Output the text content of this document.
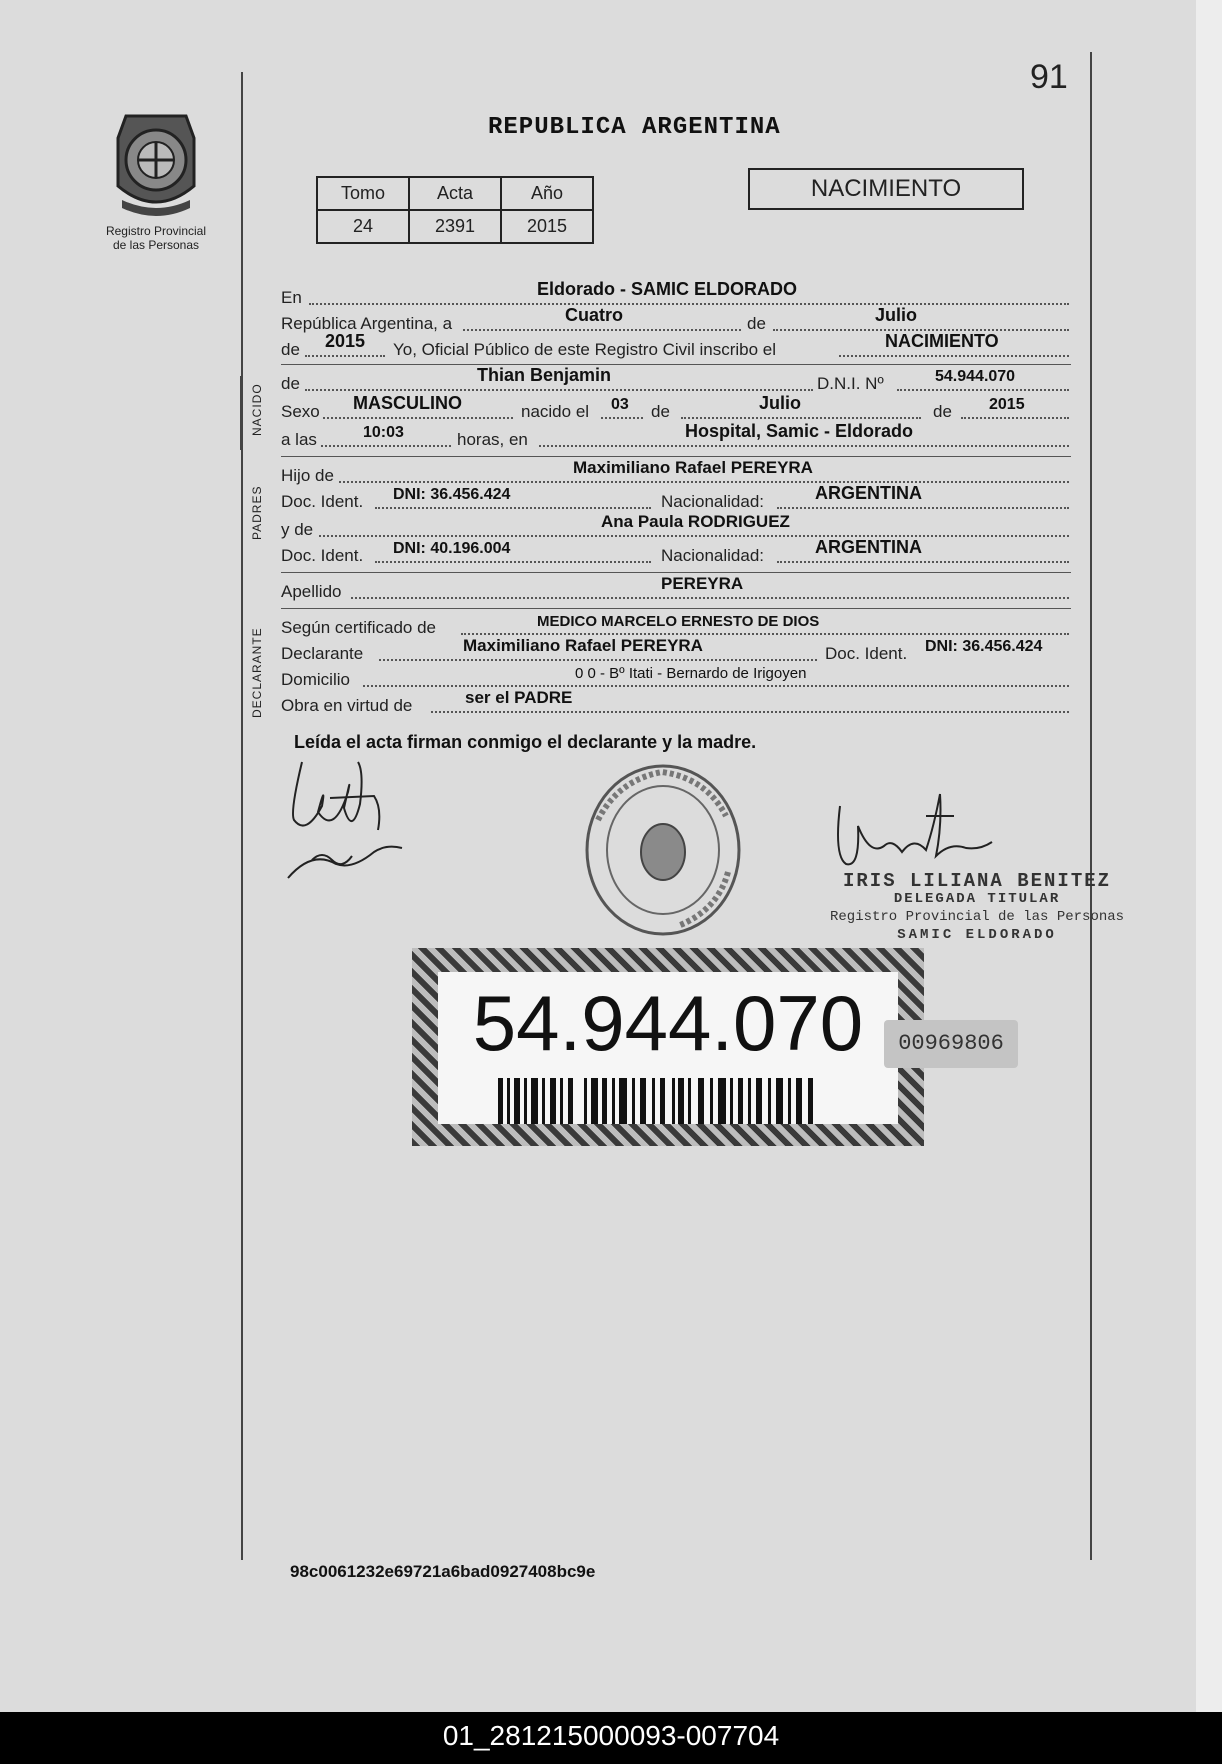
91
REPUBLICA ARGENTINA
Registro Provincial
de las Personas
Tomo	Acta	Año
24	2391	2015
NACIMIENTO
En	Eldorado - SAMIC ELDORADO
República Argentina, a	Cuatro	de	Julio
de 2015 Yo, Oficial Público de este Registro Civil inscribo el	NACIMIENTO
de	Thian Benjamin	D.N.I. Nº	54.944.070
Sexo MASCULINO	nacido el 03 de	Julio	de 2015
a las	10:03	horas, en	Hospital, Samic - Eldorado
Hijo de	Maximiliano Rafael PEREYRA
Doc. Ident. DNI: 36.456.424	Nacionalidad:	ARGENTINA
y de	Ana Paula RODRIGUEZ
Doc. Ident. DNI: 40.196.004	Nacionalidad:	ARGENTINA
Apellido	PEREYRA
Según certificado de	MEDICO MARCELO ERNESTO DE DIOS
Declarante	Maximiliano Rafael PEREYRA	Doc. Ident. DNI: 36.456.424
Domicilio	0 0 - Bº Itati - Bernardo de Irigoyen
Obra en virtud de	ser el PADRE
NACIDO
PADRES
DECLARANTE
Leída el acta firman conmigo el declarante y la madre.
IRIS LILIANA BENITEZ
DELEGADA TITULAR
Registro Provincial de las Personas
SAMIC ELDORADO
54.944.070	00969806
98c0061232e69721a6bad0927408bc9e
01_281215000093-007704
